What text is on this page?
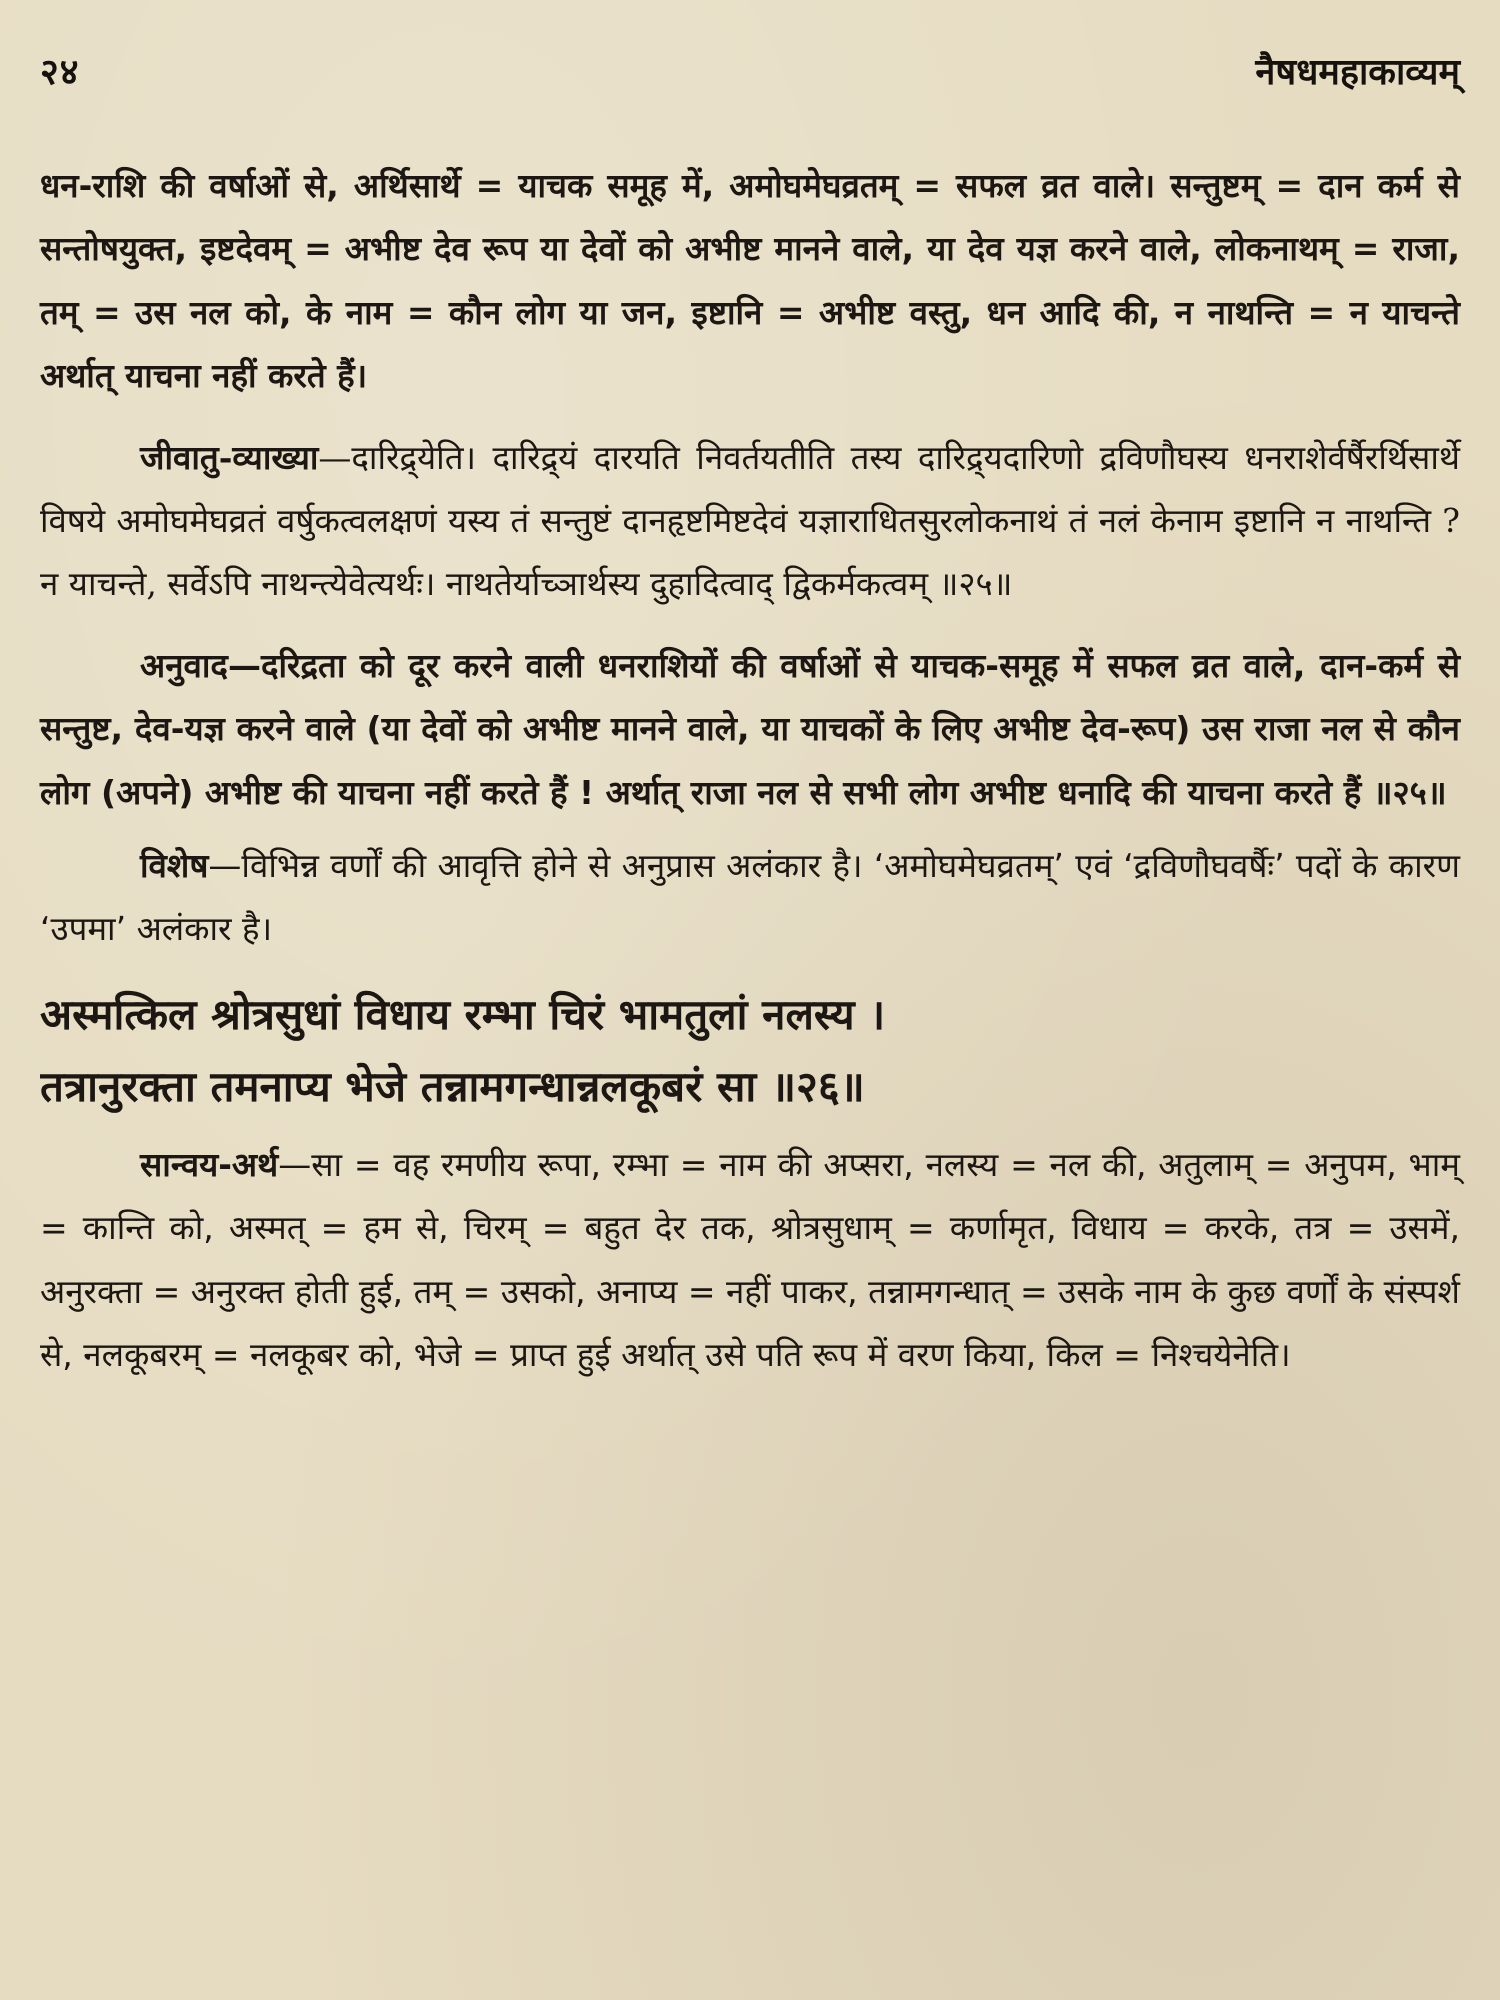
२४	नैषधमहाकाव्यम्

धन-राशि की वर्षाओं से, अर्थिसार्थे = याचक समूह में, अमोघमेघव्रतम् = सफल व्रत वाले। सन्तुष्टम् = दान कर्म से सन्तोषयुक्त, इष्टदेवम् = अभीष्ट देव रूप या देवों को अभीष्ट मानने वाले, या देव यज्ञ करने वाले, लोकनाथम् = राजा, तम् = उस नल को, के नाम = कौन लोग या जन, इष्टानि = अभीष्ट वस्तु, धन आदि की, न नाथन्ति = न याचन्ते अर्थात् याचना नहीं करते हैं।

जीवातु-व्याख्या—दारिद्र्येति। दारिद्र्यं दारयति निवर्तयतीति तस्य दारिद्र्यदारिणो द्रविणौघस्य धनराशेर्वर्षैरर्थिसार्थे विषये अमोघमेघव्रतं वर्षुकत्वलक्षणं यस्य तं सन्तुष्टं दानहृष्टमिष्टदेवं यज्ञाराधितसुरलोकनाथं तं नलं केनाम इष्टानि न नाथन्ति ? न याचन्ते, सर्वेऽपि नाथन्त्येवेत्यर्थः। नाथतेर्याच्ञार्थस्य दुहादित्वाद् द्विकर्मकत्वम् ॥२५॥

अनुवाद—दरिद्रता को दूर करने वाली धनराशियों की वर्षाओं से याचक-समूह में सफल व्रत वाले, दान-कर्म से सन्तुष्ट, देव-यज्ञ करने वाले (या देवों को अभीष्ट मानने वाले, या याचकों के लिए अभीष्ट देव-रूप) उस राजा नल से कौन लोग (अपने) अभीष्ट की याचना नहीं करते हैं ! अर्थात् राजा नल से सभी लोग अभीष्ट धनादि की याचना करते हैं ॥२५॥

विशेष—विभिन्न वर्णों की आवृत्ति होने से अनुप्रास अलंकार है। ‘अमोघमेघव्रतम्’ एवं ‘द्रविणौघवर्षैः’ पदों के कारण ‘उपमा’ अलंकार है।

अस्मत्किल श्रोत्रसुधां विधाय रम्भा चिरं भामतुलां नलस्य ।

तत्रानुरक्ता तमनाप्य भेजे तन्नामगन्धान्नलकूबरं सा ॥२६॥

सान्वय-अर्थ—सा = वह रमणीय रूपा, रम्भा = नाम की अप्सरा, नलस्य = नल की, अतुलाम् = अनुपम, भाम् = कान्ति को, अस्मत् = हम से, चिरम् = बहुत देर तक, श्रोत्रसुधाम् = कर्णामृत, विधाय = करके, तत्र = उसमें, अनुरक्ता = अनुरक्त होती हुई, तम् = उसको, अनाप्य = नहीं पाकर, तन्नामगन्धात् = उसके नाम के कुछ वर्णों के संस्पर्श से, नलकूबरम् = नलकूबर को, भेजे = प्राप्त हुई अर्थात् उसे पति रूप में वरण किया, किल = निश्चयेनेति।
